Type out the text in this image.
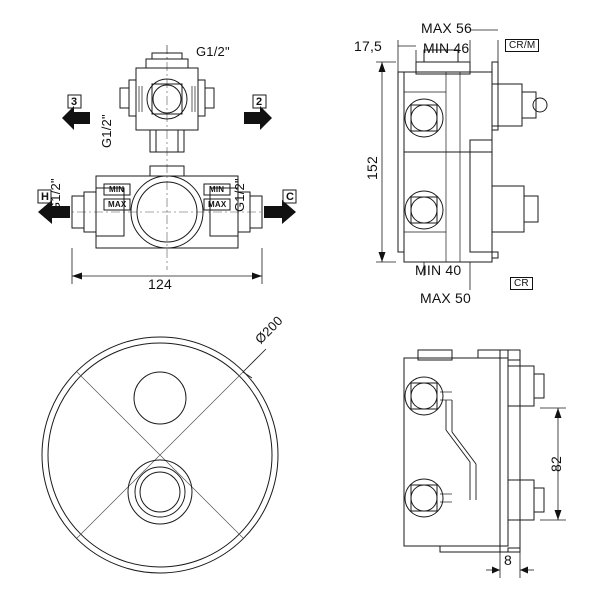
3	2
H	C
G1/2"
G1/2"
G1/2"	G1/2"
MIN
MAX
MIN
MAX
124
17,5
MAX 56
MIN 46
152
MIN 40
MAX 50
CR/M
CR
Ø200
82
8
